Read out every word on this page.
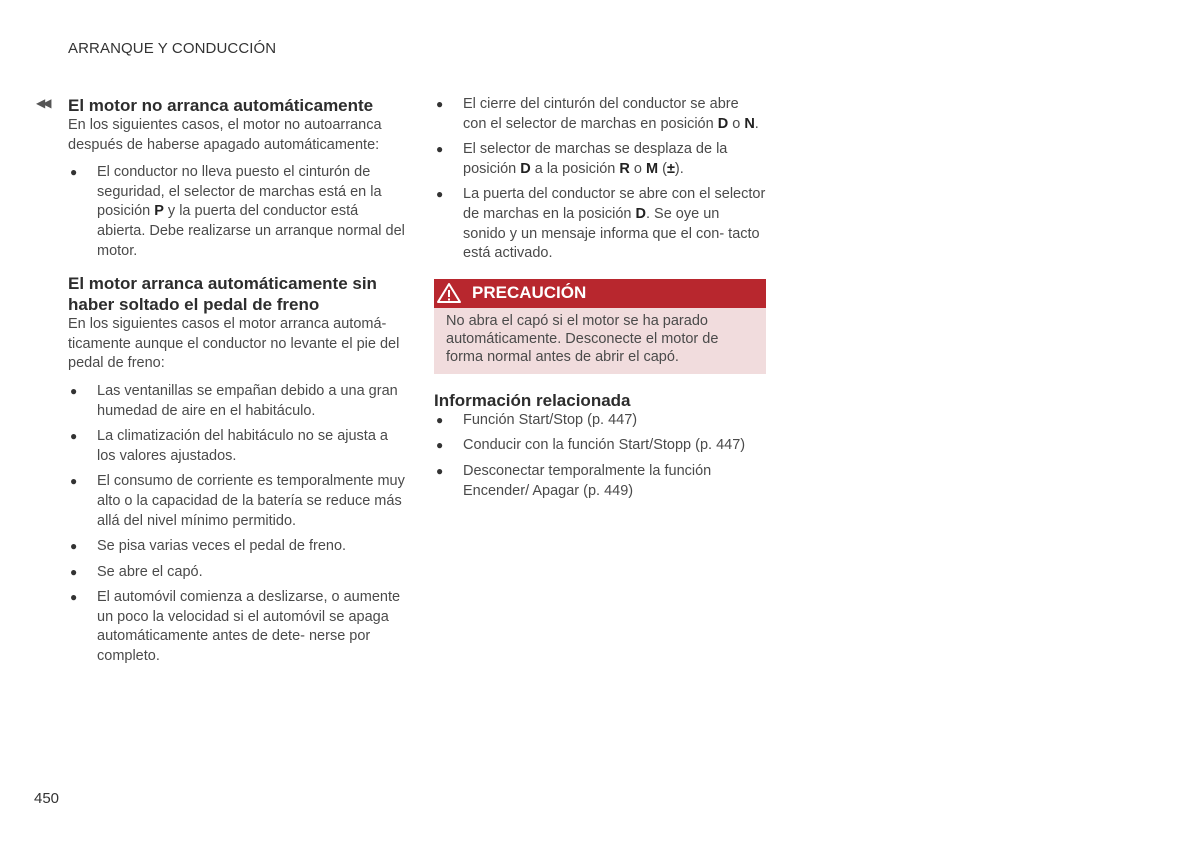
ARRANQUE Y CONDUCCIÓN
◀◀ El motor no arranca automáticamente

En los siguientes casos, el motor no autoarranca después de haberse apagado automáticamente:

● El conductor no lleva puesto el cinturón de seguridad, el selector de marchas está en la posición P y la puerta del conductor está abierta. Debe realizarse un arranque normal del motor.
El motor arranca automáticamente sin haber soltado el pedal de freno

En los siguientes casos el motor arranca automá- ticamente aunque el conductor no levante el pie del pedal de freno:

● Las ventanillas se empañan debido a una gran humedad de aire en el habitáculo.
● La climatización del habitáculo no se ajusta a los valores ajustados.
● El consumo de corriente es temporalmente muy alto o la capacidad de la batería se reduce más allá del nivel mínimo permitido.
● Se pisa varias veces el pedal de freno.
● Se abre el capó.
● El automóvil comienza a deslizarse, o aumente un poco la velocidad si el automóvil se apaga automáticamente antes de dete- nerse por completo.
● El cierre del cinturón del conductor se abre con el selector de marchas en posición D o N.
● El selector de marchas se desplaza de la posición D a la posición R o M (±).
● La puerta del conductor se abre con el selector de marchas en la posición D. Se oye un sonido y un mensaje informa que el con- tacto está activado.
PRECAUCIÓN
No abra el capó si el motor se ha parado automáticamente. Desconecte el motor de forma normal antes de abrir el capó.
Información relacionada
● Función Start/Stop (p. 447)
● Conducir con la función Start/Stopp (p. 447)
● Desconectar temporalmente la función Encender/ Apagar (p. 449)
450
